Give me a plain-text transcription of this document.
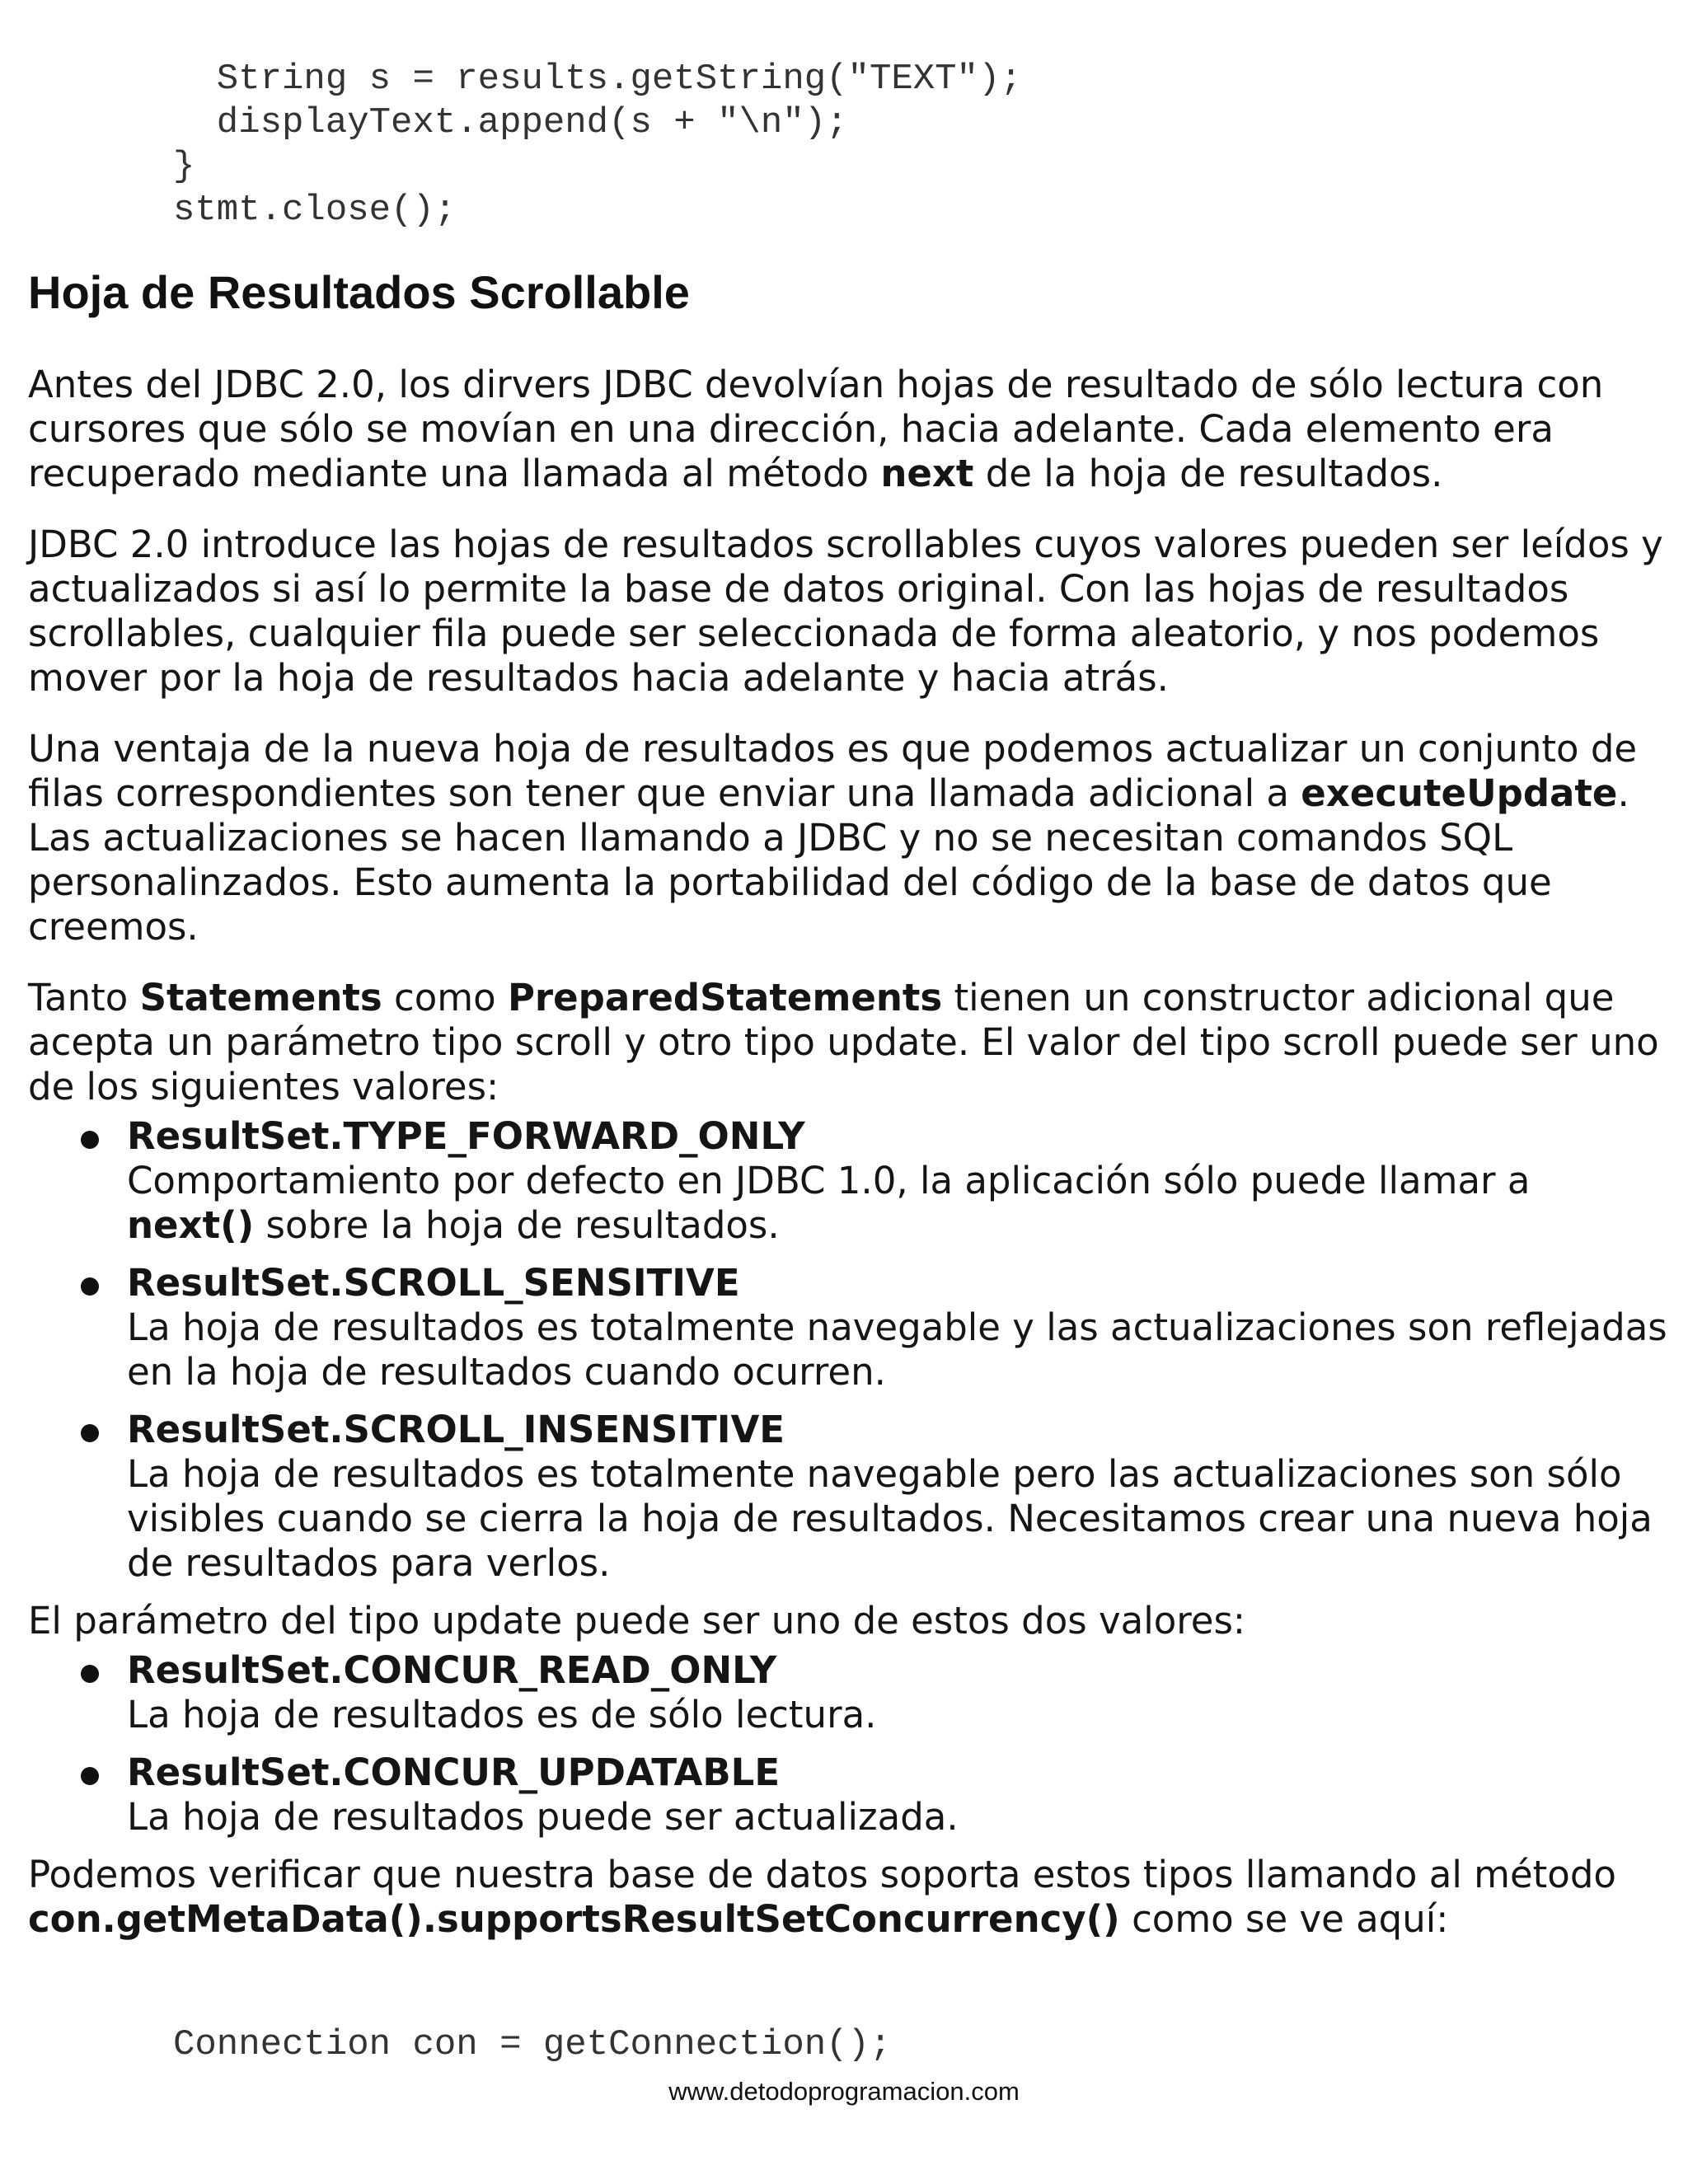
String s = results.getString("TEXT");
displayText.append(s + "\n");
}
stmt.close();
Hoja de Resultados Scrollable

Antes del JDBC 2.0, los dirvers JDBC devolvían hojas de resultado de sólo lectura con cursores que sólo se movían en una dirección, hacia adelante. Cada elemento era recuperado mediante una llamada al método next de la hoja de resultados.

JDBC 2.0 introduce las hojas de resultados scrollables cuyos valores pueden ser leídos y actualizados si así lo permite la base de datos original. Con las hojas de resultados scrollables, cualquier fila puede ser seleccionada de forma aleatorio, y nos podemos mover por la hoja de resultados hacia adelante y hacia atrás.

Una ventaja de la nueva hoja de resultados es que podemos actualizar un conjunto de filas correspondientes son tener que enviar una llamada adicional a executeUpdate. Las actualizaciones se hacen llamando a JDBC y no se necesitan comandos SQL personalinzados. Esto aumenta la portabilidad del código de la base de datos que creemos.

Tanto Statements como PreparedStatements tienen un constructor adicional que acepta un parámetro tipo scroll y otro tipo update. El valor del tipo scroll puede ser uno de los siguientes valores:

ResultSet.TYPE_FORWARD_ONLY
Comportamiento por defecto en JDBC 1.0, la aplicación sólo puede llamar a next() sobre la hoja de resultados.
ResultSet.SCROLL_SENSITIVE
La hoja de resultados es totalmente navegable y las actualizaciones son reflejadas en la hoja de resultados cuando ocurren.
ResultSet.SCROLL_INSENSITIVE
La hoja de resultados es totalmente navegable pero las actualizaciones son sólo visibles cuando se cierra la hoja de resultados. Necesitamos crear una nueva hoja de resultados para verlos.

El parámetro del tipo update puede ser uno de estos dos valores:

ResultSet.CONCUR_READ_ONLY
La hoja de resultados es de sólo lectura.
ResultSet.CONCUR_UPDATABLE
La hoja de resultados puede ser actualizada.

Podemos verificar que nuestra base de datos soporta estos tipos llamando al método con.getMetaData().supportsResultSetConcurrency() como se ve aquí:

Connection con = getConnection();
www.detodoprogramacion.com
